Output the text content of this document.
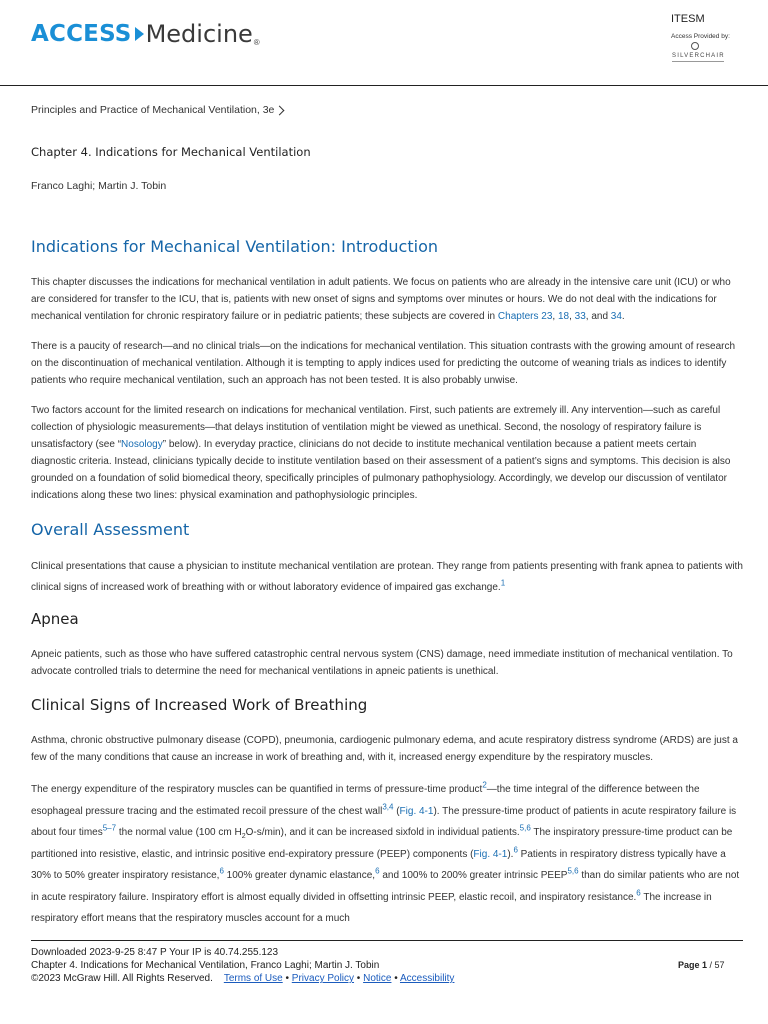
ACCESS Medicine ®
ITESM
Access Provided by:
SILVERCHAIR
Principles and Practice of Mechanical Ventilation, 3e
Chapter 4. Indications for Mechanical Ventilation
Franco Laghi; Martin J. Tobin
Indications for Mechanical Ventilation: Introduction

This chapter discusses the indications for mechanical ventilation in adult patients. We focus on patients who are already in the intensive care unit (ICU) or who are considered for transfer to the ICU, that is, patients with new onset of signs and symptoms over minutes or hours. We do not deal with the indications for mechanical ventilation for chronic respiratory failure or in pediatric patients; these subjects are covered in Chapters 23, 18, 33, and 34.

There is a paucity of research—and no clinical trials—on the indications for mechanical ventilation. This situation contrasts with the growing amount of research on the discontinuation of mechanical ventilation. Although it is tempting to apply indices used for predicting the outcome of weaning trials as indices to identify patients who require mechanical ventilation, such an approach has not been tested. It is also probably unwise.

Two factors account for the limited research on indications for mechanical ventilation. First, such patients are extremely ill. Any intervention—such as careful collection of physiologic measurements—that delays institution of ventilation might be viewed as unethical. Second, the nosology of respiratory failure is unsatisfactory (see “Nosology” below). In everyday practice, clinicians do not decide to institute mechanical ventilation because a patient meets certain diagnostic criteria. Instead, clinicians typically decide to institute ventilation based on their assessment of a patient’s signs and symptoms. This decision is also grounded on a foundation of solid biomedical theory, specifically principles of pulmonary pathophysiology. Accordingly, we develop our discussion of ventilator indications along these two lines: physical examination and pathophysiologic principles.

Overall Assessment

Clinical presentations that cause a physician to institute mechanical ventilation are protean. They range from patients presenting with frank apnea to patients with clinical signs of increased work of breathing with or without laboratory evidence of impaired gas exchange.$^1$

Apnea

Apneic patients, such as those who have suffered catastrophic central nervous system (CNS) damage, need immediate institution of mechanical ventilation. To advocate controlled trials to determine the need for mechanical ventilations in apneic patients is unethical.

Clinical Signs of Increased Work of Breathing

Asthma, chronic obstructive pulmonary disease (COPD), pneumonia, cardiogenic pulmonary edema, and acute respiratory distress syndrome (ARDS) are just a few of the many conditions that cause an increase in work of breathing and, with it, increased energy expenditure by the respiratory muscles.

The energy expenditure of the respiratory muscles can be quantified in terms of pressure-time product$^2$—the time integral of the difference between the esophageal pressure tracing and the estimated recoil pressure of the chest wall$^{3,4}$ (Fig. 4-1). The pressure-time product of patients in acute respiratory failure is about four times$^{5-7}$ the normal value (100 cm $H_2O-s/\min$), and it can be increased sixfold in individual patients.$^{5,6}$ The inspiratory pressure-time product can be partitioned into resistive, elastic, and intrinsic positive end-expiratory pressure (PEEP) components (Fig. 4-1).$^6$ Patients in respiratory distress typically have a 30% to 50% greater inspiratory resistance,$^6$ 100% greater dynamic elastance,$^6$ and 100% to 200% greater intrinsic PEEP$^{5,6}$ than do similar patients who are not in acute respiratory failure. Inspiratory effort is almost equally divided in offsetting intrinsic PEEP, elastic recoil, and inspiratory resistance.$^6$ The increase in respiratory effort means that the respiratory muscles account for a much

Downloaded 2023-9-25 8:47 P Your IP is 40.74.255.123
Chapter 4. Indications for Mechanical Ventilation, Franco Laghi; Martin J. Tobin
©2023 McGraw Hill. All Rights Reserved. Terms of Use • Privacy Policy • Notice • Accessibility
Page 1 / 57
